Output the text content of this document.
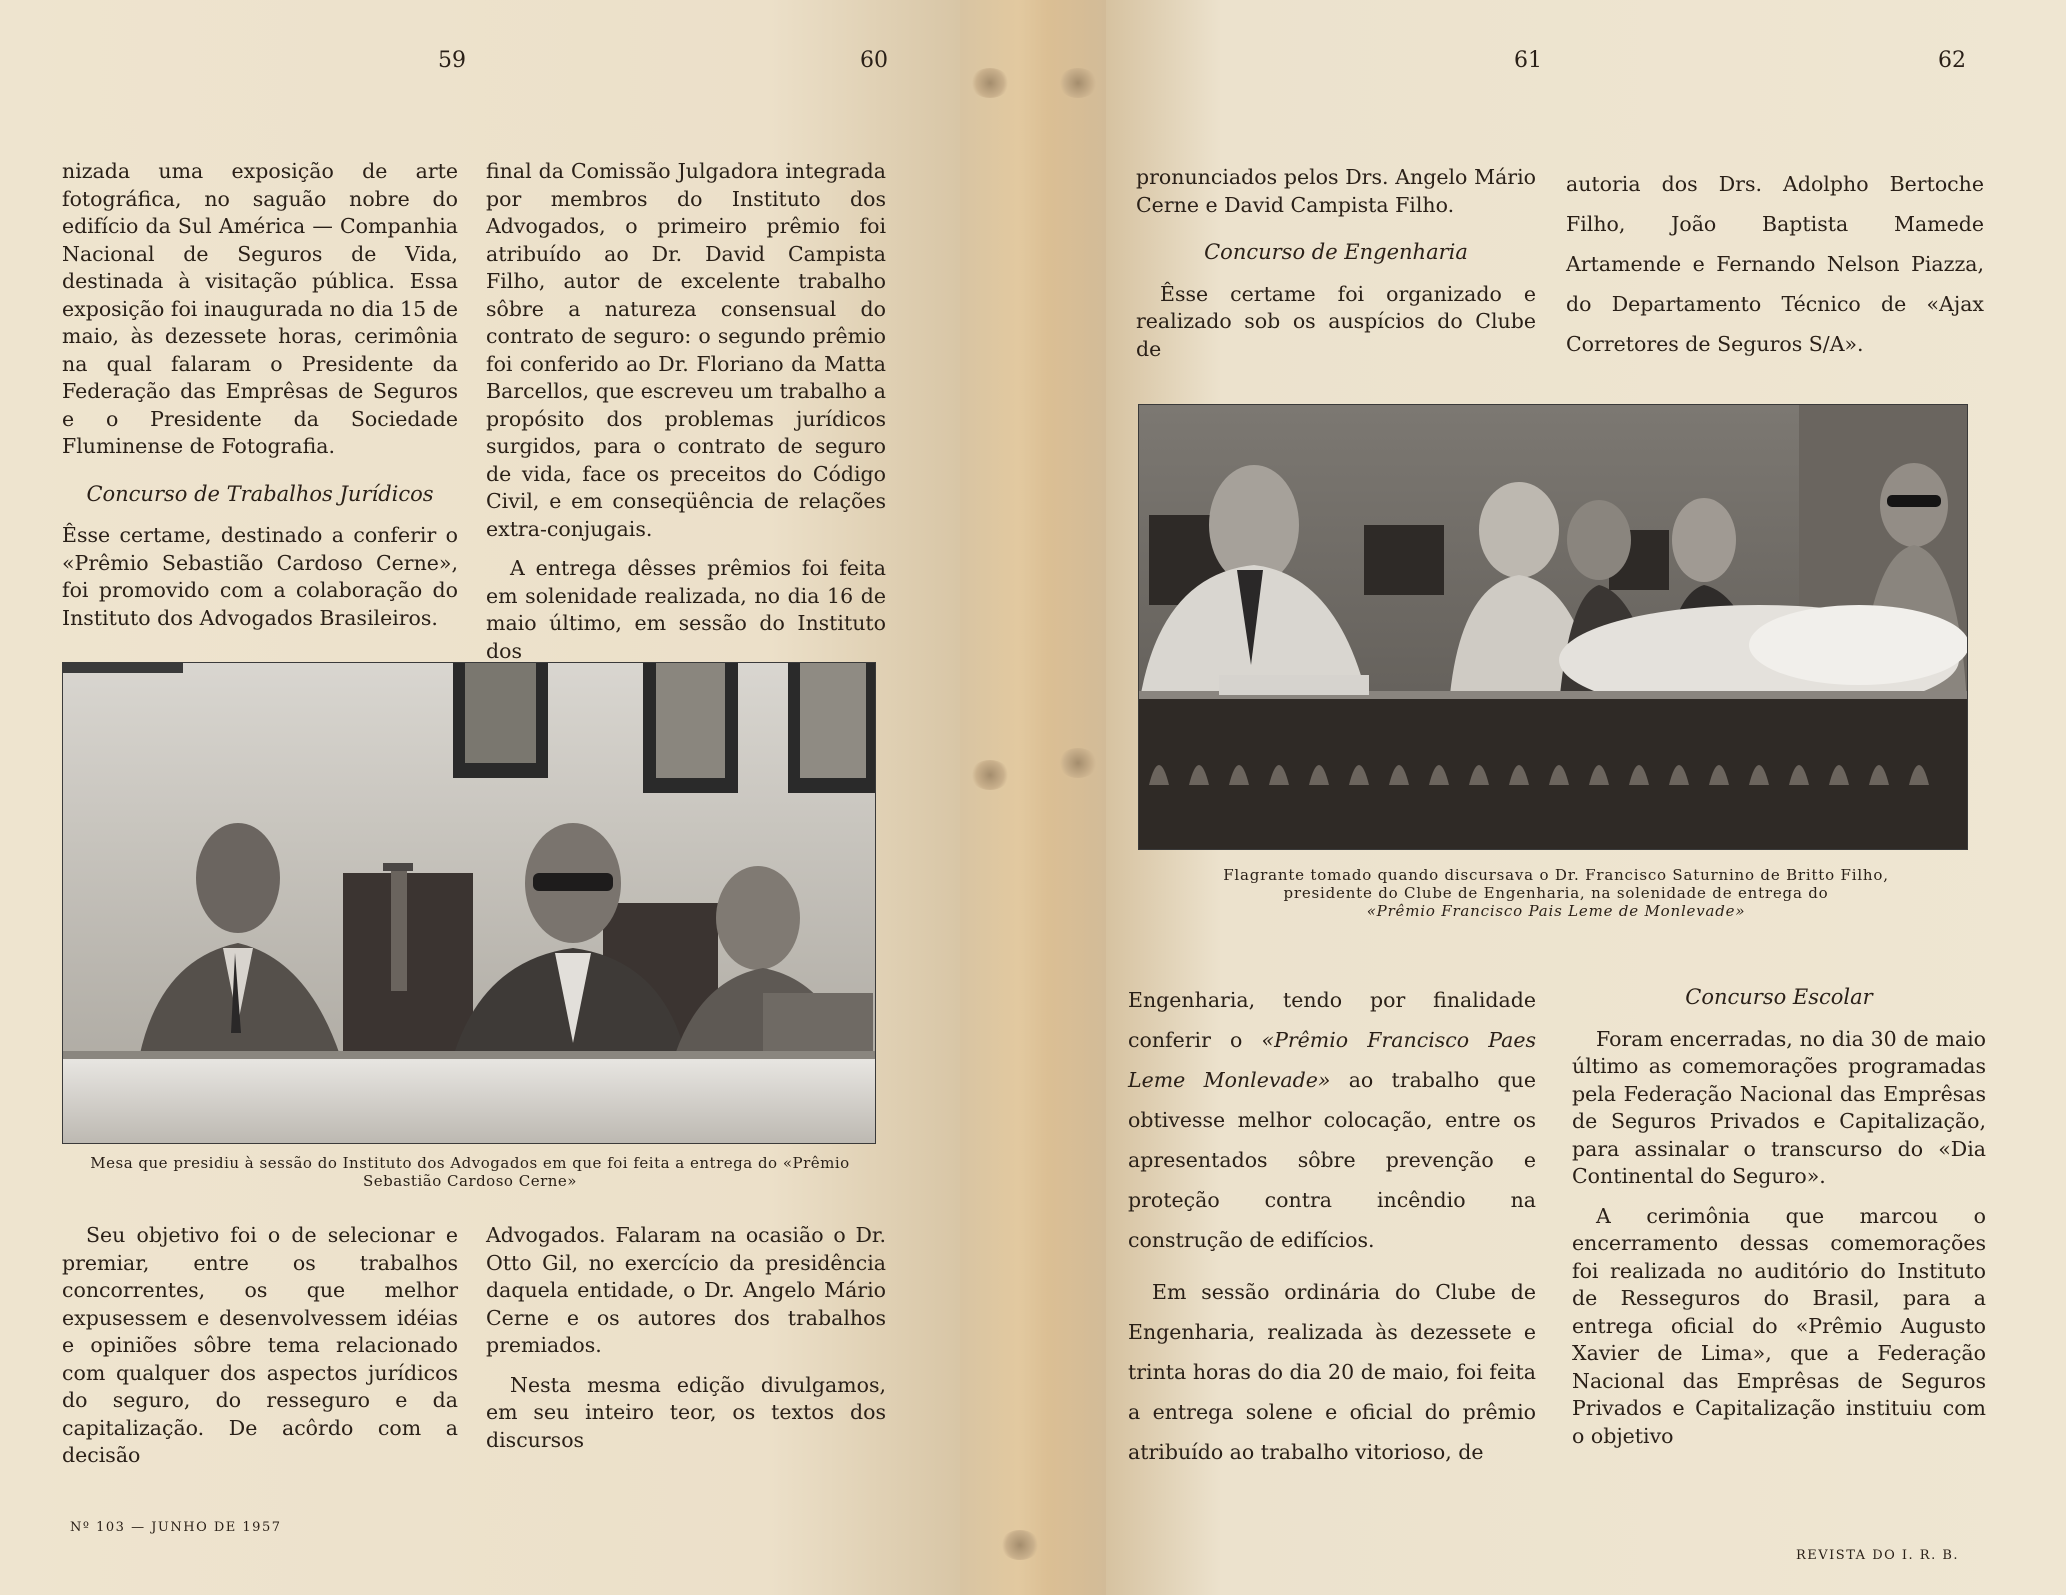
59	60

nizada uma exposição de arte fotográfica, no saguão nobre do edifício da Sul América — Companhia Nacional de Seguros de Vida, destinada à visitação pública. Essa exposição foi inaugurada no dia 15 de maio, às dezessete horas, cerimônia na qual falaram o Presidente da Federação das Emprêsas de Seguros e o Presidente da Sociedade Fluminense de Fotografia.

Concurso de Trabalhos Jurídicos

Êsse certame, destinado a conferir o «Prêmio Sebastião Cardoso Cerne», foi promovido com a colaboração do Instituto dos Advogados Brasileiros.

final da Comissão Julgadora integrada por membros do Instituto dos Advogados, o primeiro prêmio foi atribuído ao Dr. David Campista Filho, autor de excelente trabalho sôbre a natureza consensual do contrato de seguro: o segundo prêmio foi conferido ao Dr. Floriano da Matta Barcellos, que escreveu um trabalho a propósito dos problemas jurídicos surgidos, para o contrato de seguro de vida, face os preceitos do Código Civil, e em conseqüência de relações extra-conjugais.

A entrega dêsses prêmios foi feita em solenidade realizada, no dia 16 de maio último, em sessão do Instituto dos

Mesa que presidiu à sessão do Instituto dos Advogados em que foi feita a entrega do «Prêmio Sebastião Cardoso Cerne»

Seu objetivo foi o de selecionar e premiar, entre os trabalhos concorrentes, os que melhor expusessem e desenvolvessem idéias e opiniões sôbre tema relacionado com qualquer dos aspectos jurídicos do seguro, do resseguro e da capitalização. De acôrdo com a decisão

Advogados. Falaram na ocasião o Dr. Otto Gil, no exercício da presidência daquela entidade, o Dr. Angelo Mário Cerne e os autores dos trabalhos premiados.

Nesta mesma edição divulgamos, em seu inteiro teor, os textos dos discursos

Nº 103 — JUNHO DE 1957
61	62

pronunciados pelos Drs. Angelo Mário Cerne e David Campista Filho.

Concurso de Engenharia

Êsse certame foi organizado e realizado sob os auspícios do Clube de

autoria dos Drs. Adolpho Bertoche Filho, João Baptista Mamede Artamende e Fernando Nelson Piazza, do Departamento Técnico de «Ajax Corretores de Seguros S/A».

Flagrante tomado quando discursava o Dr. Francisco Saturnino de Britto Filho,
presidente do Clube de Engenharia, na solenidade de entrega do
«Prêmio Francisco Pais Leme de Monlevade»

Engenharia, tendo por finalidade conferir o «Prêmio Francisco Paes Leme Monlevade» ao trabalho que obtivesse melhor colocação, entre os apresentados sôbre prevenção e proteção contra incêndio na construção de edifícios.

Em sessão ordinária do Clube de Engenharia, realizada às dezessete e trinta horas do dia 20 de maio, foi feita a entrega solene e oficial do prêmio atribuído ao trabalho vitorioso, de

Concurso Escolar

Foram encerradas, no dia 30 de maio último as comemorações programadas pela Federação Nacional das Emprêsas de Seguros Privados e Capitalização, para assinalar o transcurso do «Dia Continental do Seguro».

A cerimônia que marcou o encerramento dessas comemorações foi realizada no auditório do Instituto de Resseguros do Brasil, para a entrega oficial do «Prêmio Augusto Xavier de Lima», que a Federação Nacional das Emprêsas de Seguros Privados e Capitalização instituiu com o objetivo

REVISTA DO I. R. B.
